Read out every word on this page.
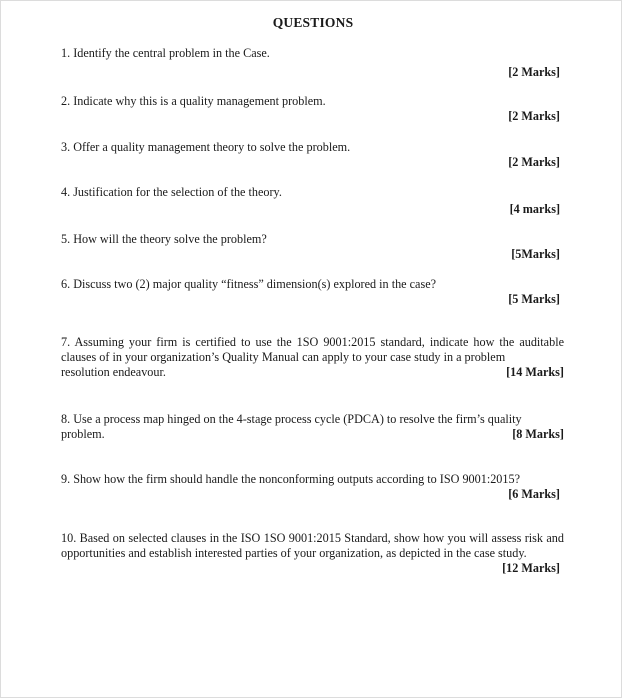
QUESTIONS
1. Identify the central problem in the Case.
[2 Marks]
2. Indicate why this is a quality management problem.
[2 Marks]
3. Offer a quality management theory to solve the problem.
[2 Marks]
4. Justification for the selection of the theory.
[4 marks]
5. How will the theory solve the problem?
[5Marks]
6. Discuss two (2) major quality “fitness” dimension(s) explored in the case?
[5 Marks]
7. Assuming your firm is certified to use the 1SO 9001:2015 standard, indicate how the auditable clauses of in your organization’s Quality Manual can apply to your case study in a problem
resolution endeavour.	[14 Marks]
8. Use a process map hinged on the 4-stage process cycle (PDCA) to resolve the firm’s quality
problem.	[8 Marks]
9. Show how the firm should handle the nonconforming outputs according to ISO 9001:2015?
[6 Marks]
10. Based on selected clauses in the ISO 1SO 9001:2015 Standard, show how you will assess risk and opportunities and establish interested parties of your organization, as depicted in the case study.
[12 Marks]
